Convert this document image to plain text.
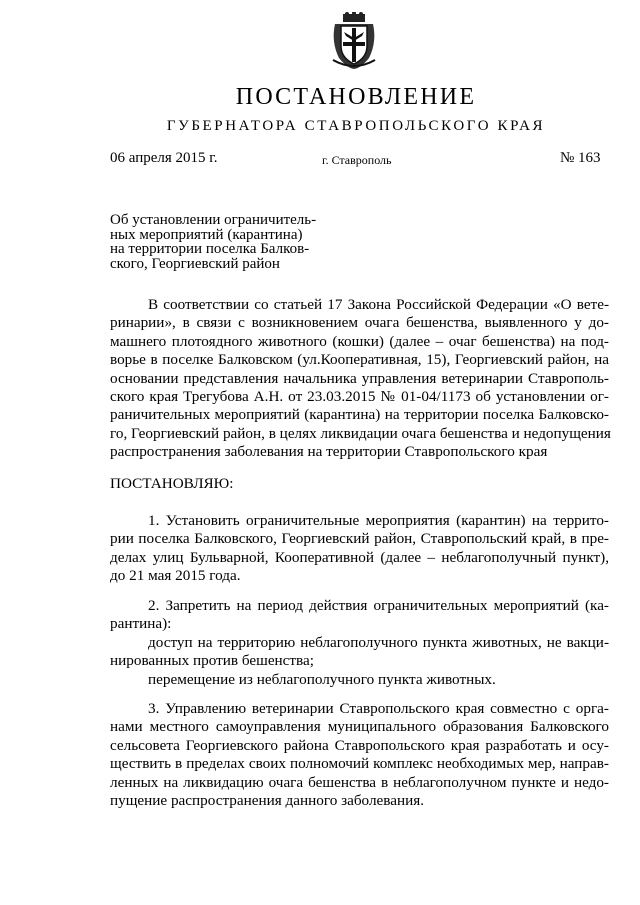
ПОСТАНОВЛЕНИЕ
ГУБЕРНАТОРА СТАВРОПОЛЬСКОГО КРАЯ
06 апреля 2015 г.	г. Ставрополь	№ 163
Об установлении ограничитель-
ных мероприятий (карантина)
на территории поселка Балков-
ского, Георгиевский район
В соответствии со статьей 17 Закона Российской Федерации «О вете-
ринарии», в связи с возникновением очага бешенства, выявленного у до-
машнего плотоядного животного (кошки) (далее – очаг бешенства) на под-
ворье в поселке Балковском (ул.Кооперативная, 15), Георгиевский район, на
основании представления начальника управления ветеринарии Ставрополь-
ского края Трегубова А.Н. от 23.03.2015 № 01-04/1173 об установлении ог-
раничительных мероприятий (карантина) на территории поселка Балковско-
го, Георгиевский район, в целях ликвидации очага бешенства и недопущения
распространения заболевания на территории Ставропольского края
ПОСТАНОВЛЯЮ:
1. Установить ограничительные мероприятия (карантин) на террито-
рии поселка Балковского, Георгиевский район, Ставропольский край, в пре-
делах улиц Бульварной, Кооперативной (далее – неблагополучный пункт),
до 21 мая 2015 года.
2. Запретить на период действия ограничительных мероприятий (ка-
рантина):
доступ на территорию неблагополучного пункта животных, не вакци-
нированных против бешенства;
перемещение из неблагополучного пункта животных.
3. Управлению ветеринарии Ставропольского края совместно с орга-
нами местного самоуправления муниципального образования Балковского
сельсовета Георгиевского района Ставропольского края разработать и осу-
ществить в пределах своих полномочий комплекс необходимых мер, направ-
ленных на ликвидацию очага бешенства в неблагополучном пункте и недо-
пущение распространения данного заболевания.
